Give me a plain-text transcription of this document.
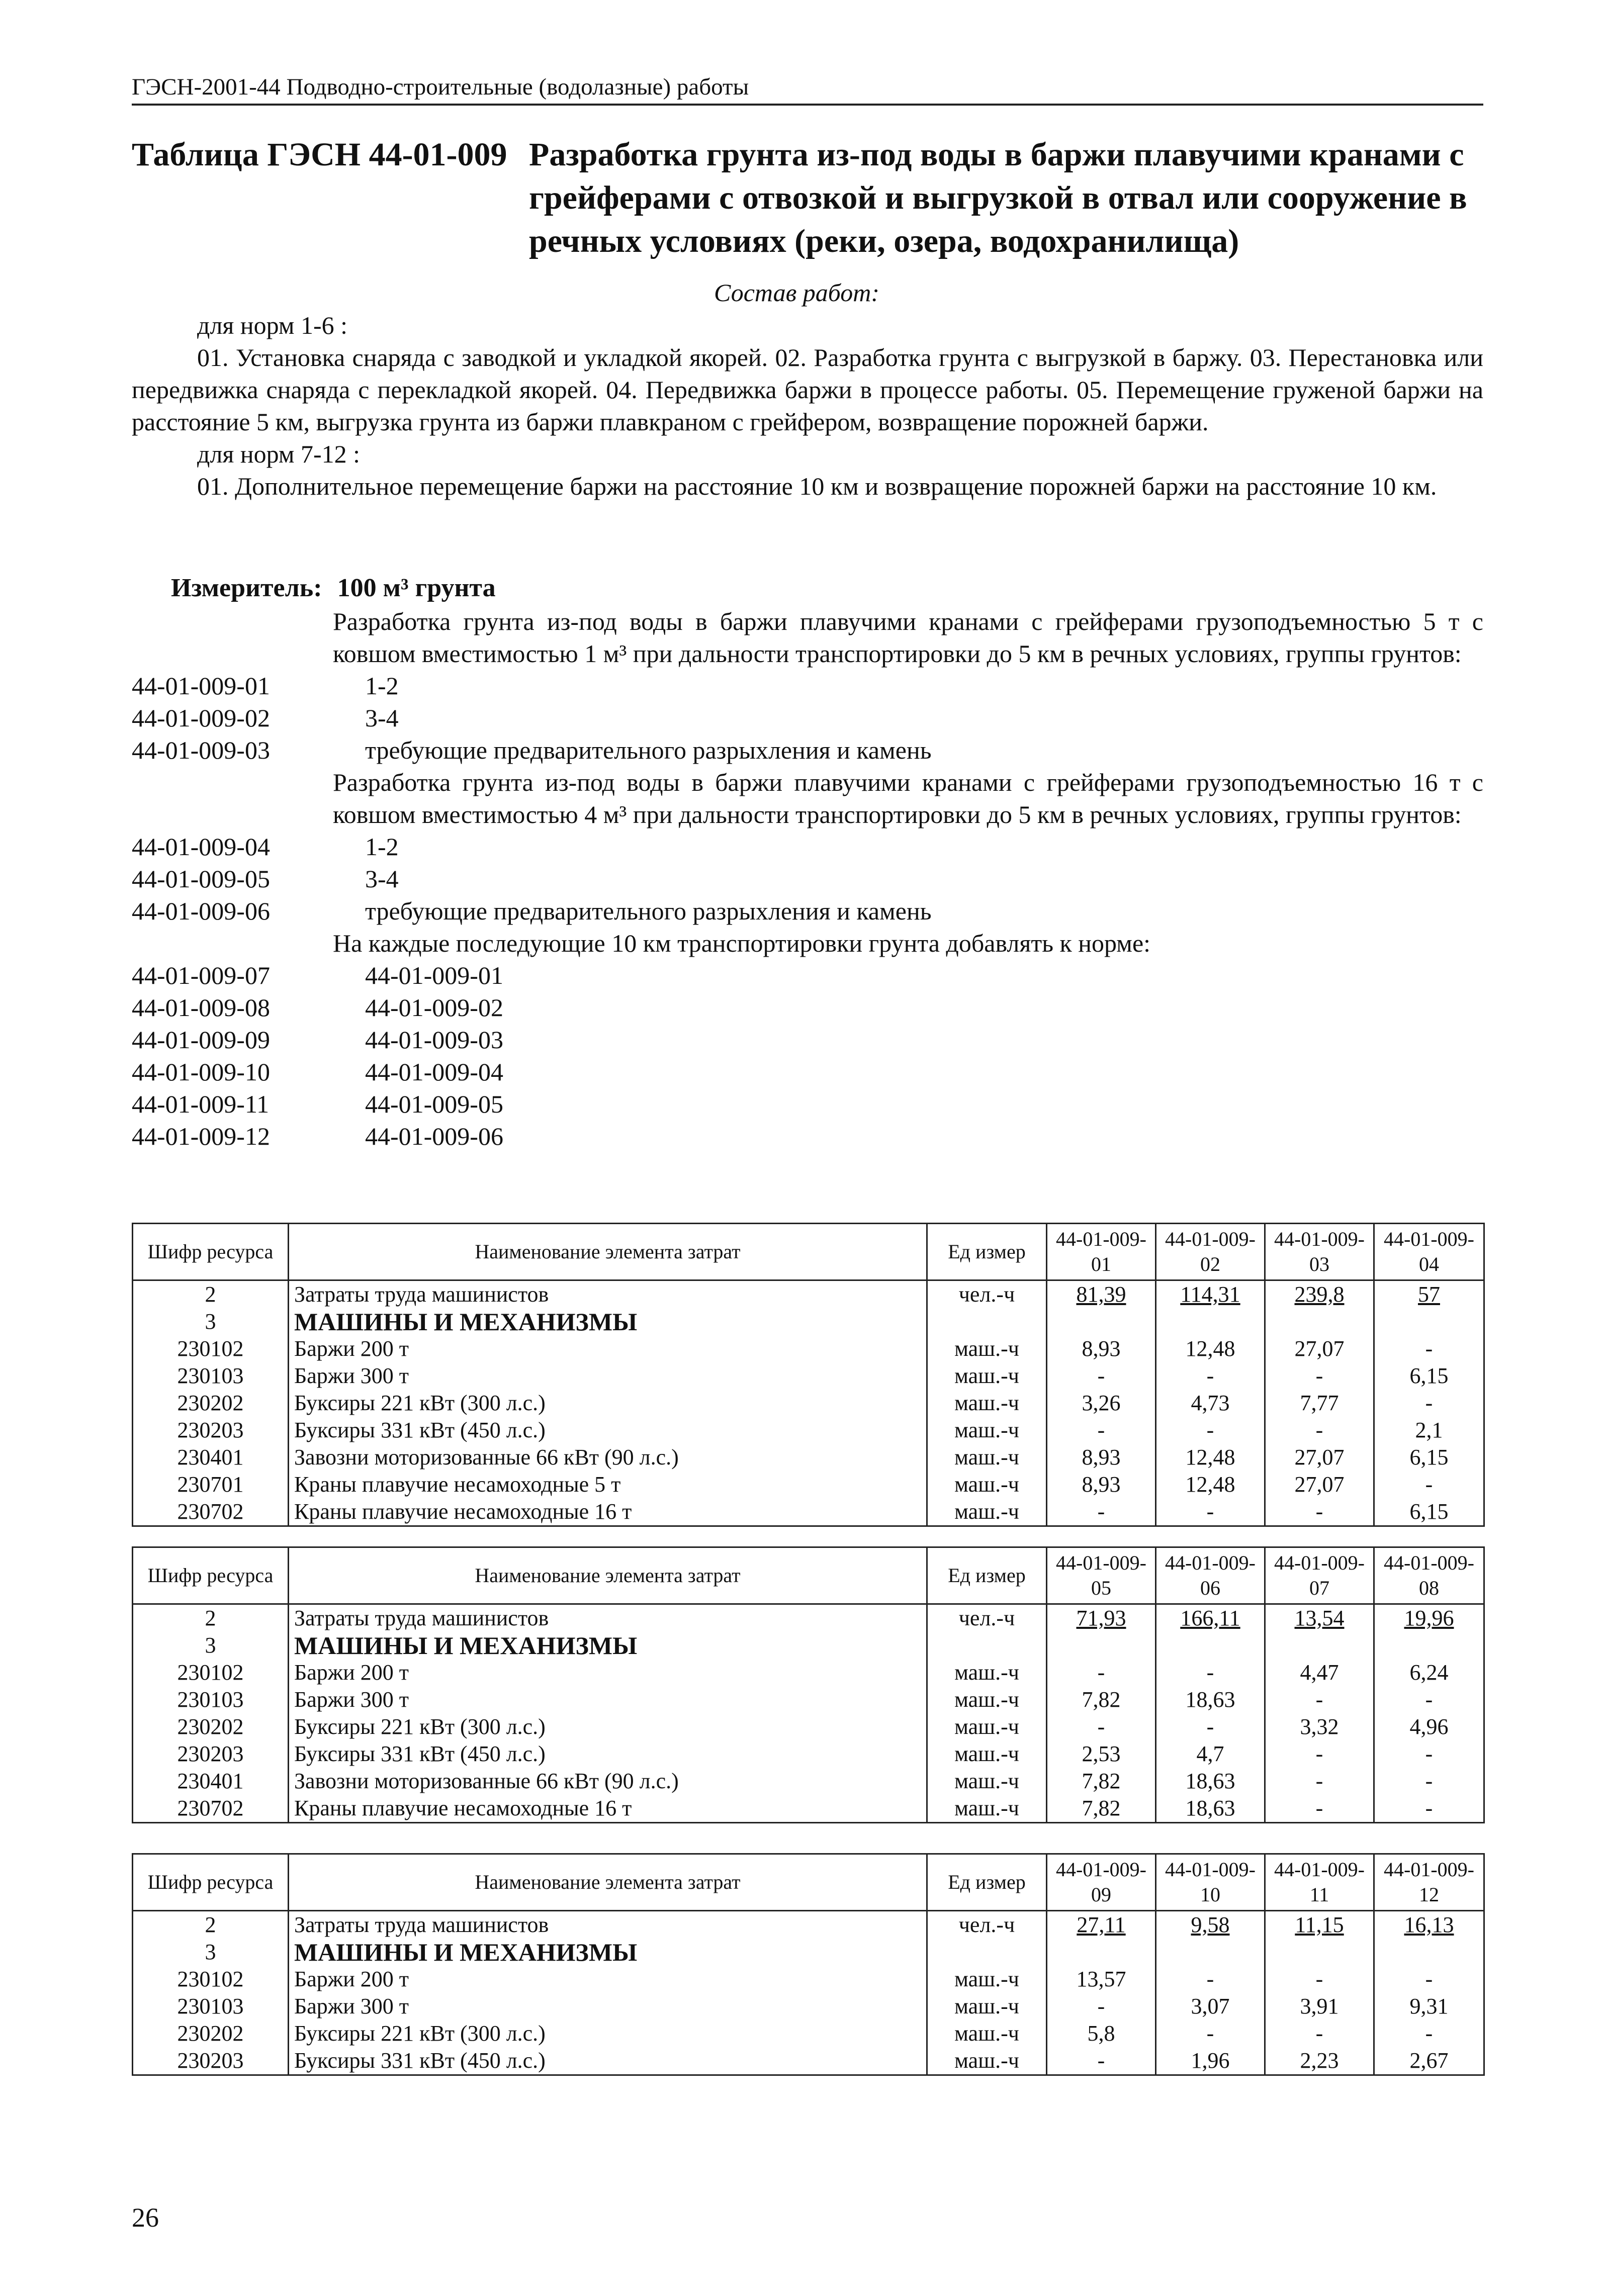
ГЭСН-2001-44 Подводно-строительные (водолазные) работы
Таблица ГЭСН 44-01-009 Разработка грунта из-под воды в баржи плавучими кранами с грейферами с отвозкой и выгрузкой в отвал или сооружение в речных условиях (реки, озера, водохранилища)
Состав работ:

для норм 1-6 :

01. Установка снаряда с заводкой и укладкой якорей. 02. Разработка грунта с выгрузкой в баржу. 03. Перестановка или передвижка снаряда с перекладкой якорей. 04. Передвижка баржи в процессе работы. 05. Перемещение груженой баржи на расстояние 5 км, выгрузка грунта из баржи плавкраном с грейфером, возвращение порожней баржи.

для норм 7-12 :

01. Дополнительное перемещение баржи на расстояние 10 км и возвращение порожней баржи на расстояние 10 км.

Измеритель: 100 м³ грунта
Разработка грунта из-под воды в баржи плавучими кранами с грейферами грузоподъемностью 5 т с ковшом вместимостью 1 м³ при дальности транспортировки до 5 км в речных условиях, группы грунтов:
44-01-009-01	1-2
44-01-009-02	3-4
44-01-009-03	требующие предварительного разрыхления и камень
Разработка грунта из-под воды в баржи плавучими кранами с грейферами грузоподъемностью 16 т с ковшом вместимостью 4 м³ при дальности транспортировки до 5 км в речных условиях, группы грунтов:
44-01-009-04	1-2
44-01-009-05	3-4
44-01-009-06	требующие предварительного разрыхления и камень
На каждые последующие 10 км транспортировки грунта добавлять к норме:
44-01-009-07	44-01-009-01
44-01-009-08	44-01-009-02
44-01-009-09	44-01-009-03
44-01-009-10	44-01-009-04
44-01-009-11	44-01-009-05
44-01-009-12	44-01-009-06
Шифр ресурса	Наименование элемента затрат	Ед измер	44-01-009-01	44-01-009-02	44-01-009-03	44-01-009-04
2	Затраты труда машинистов	чел.-ч	81,39	114,31	239,8	57
3	МАШИНЫ И МЕХАНИЗМЫ					
230102	Баржи 200 т	маш.-ч	8,93	12,48	27,07	-
230103	Баржи 300 т	маш.-ч	-	-	-	6,15
230202	Буксиры 221 кВт (300 л.с.)	маш.-ч	3,26	4,73	7,77	-
230203	Буксиры 331 кВт (450 л.с.)	маш.-ч	-	-	-	2,1
230401	Завозни моторизованные 66 кВт (90 л.с.)	маш.-ч	8,93	12,48	27,07	6,15
230701	Краны плавучие несамоходные 5 т	маш.-ч	8,93	12,48	27,07	-
230702	Краны плавучие несамоходные 16 т	маш.-ч	-	-	-	6,15
Шифр ресурса	Наименование элемента затрат	Ед измер	44-01-009-05	44-01-009-06	44-01-009-07	44-01-009-08
2	Затраты труда машинистов	чел.-ч	71,93	166,11	13,54	19,96
3	МАШИНЫ И МЕХАНИЗМЫ					
230102	Баржи 200 т	маш.-ч	-	-	4,47	6,24
230103	Баржи 300 т	маш.-ч	7,82	18,63	-	-
230202	Буксиры 221 кВт (300 л.с.)	маш.-ч	-	-	3,32	4,96
230203	Буксиры 331 кВт (450 л.с.)	маш.-ч	2,53	4,7	-	-
230401	Завозни моторизованные 66 кВт (90 л.с.)	маш.-ч	7,82	18,63	-	-
230702	Краны плавучие несамоходные 16 т	маш.-ч	7,82	18,63	-	-
Шифр ресурса	Наименование элемента затрат	Ед измер	44-01-009-09	44-01-009-10	44-01-009-11	44-01-009-12
2	Затраты труда машинистов	чел.-ч	27,11	9,58	11,15	16,13
3	МАШИНЫ И МЕХАНИЗМЫ					
230102	Баржи 200 т	маш.-ч	13,57	-	-	-
230103	Баржи 300 т	маш.-ч	-	3,07	3,91	9,31
230202	Буксиры 221 кВт (300 л.с.)	маш.-ч	5,8	-	-	-
230203	Буксиры 331 кВт (450 л.с.)	маш.-ч	-	1,96	2,23	2,67
26
